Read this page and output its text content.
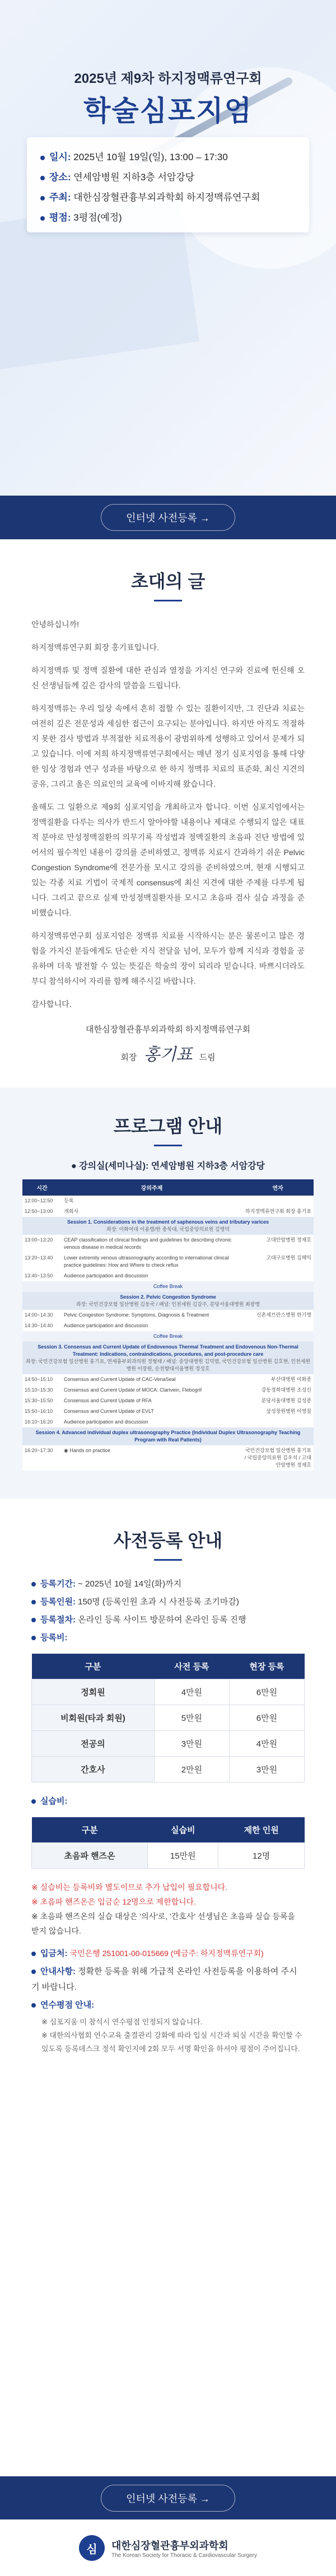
2025년 제9차 하지정맥류연구회
학술심포지엄
일시: 2025년 10월 19일(일), 13:00 – 17:30
장소: 연세암병원 지하3층 서암강당
주최: 대한심장혈관흉부외과학회 하지정맥류연구회
평점: 3평점(예정)
인터넷 사전등록 →
초대의 글

안녕하십니까!

하지정맥류연구회 회장 홍기표입니다.

하지정맥류 및 정맥 질환에 대한 관심과 열정을 가지신 연구와 진료에 헌신해 오신 선생님들께 깊은 감사의 말씀을 드립니다.

하지정맥류는 우리 일상 속에서 흔히 접할 수 있는 질환이지만, 그 진단과 치료는 여전히 깊은 전문성과 세심한 접근이 요구되는 분야입니다. 하지만 아직도 적절하지 못한 검사 방법과 부적절한 치료적용이 광범위하게 성행하고 있어서 문제가 되고 있습니다. 이에 저희 하지정맥류연구회에서는 매년 정기 심포지엄을 통해 다양한 임상 경험과 연구 성과를 바탕으로 한 하지 정맥류 치료의 표준화, 최신 지견의 공유, 그리고 올은 의료인의 교육에 이바지해 왔습니다.

올해도 그 일환으로 제9회 심포지엄을 개최하고자 합니다. 이번 심포지엄에서는 정맥질환을 다루는 의사가 반드시 알아야할 내용이나 제대로 수행되지 않은 대표적 분야로 만성정맥질환의 의무기록 작성법과 정맥질환의 초음파 진단 방법에 있어서의 필수적인 내용이 강의를 준비하였고, 정맥류 치료시 간과하기 쉬운 Pelvic Congestion Syndrome에 전문가를 모시고 강의를 준비하였으며, 현재 시행되고 있는 각종 치료 기법이 국제적 consensus에 최신 지견에 대한 주제를 다루게 됩니다. 그리고 끝으로 실제 만성정맥질환자를 모시고 초음파 검사 실습 과정을 준비했습니다.

하지정맥류연구회 심포지엄은 정맥류 치료를 시작하시는 분은 물론이고 많은 경험을 가지신 분들에게도 단순한 지식 전달을 넘어, 모두가 함께 지식과 경험을 공유하며 더욱 발전할 수 있는 뜻깊은 학술의 장이 되리라 믿습니다. 바쁘시더라도 부디 참석하시어 자리를 함께 해주시길 바랍니다.

감사합니다.

대한심장혈관흉부외과학회 하지정맥류연구회
회장 홍기표 드림
프로그램 안내
● 강의실(세미나실): 연세암병원 지하3층 서암강당
시간	강의주제	연자
12:00~12:50	등록	
12:50~13:00	개회사	하지정맥류연구회 회장 홍기표

Session 1. Considerations in the treatment of saphenous veins and tributary varices
좌장: 이화여대 이용렬/한 충북대, 국립중앙의료원 김영덕		

13:00~13:20	CEAP classification of clinical findings and guidelines for describing chronic venous disease in medical records	고대안암병원 정재호
13:20~13:40	Lower extremity venous ultrasonography according to international clinical practice guidelines: How and Where to check reflux	고대구로병원 김해익
13:40~13:50	Audience participation and discussion	
Coffee Break		

Session 2. Pelvic Congestion Syndrome
좌장: 국민건강보험 일산병원 김동국 / 패널: 인천세원 김갑주, 분당서울대병원 최광명		

14:00~14:30	Pelvic Congestion Syndrome: Symptoms, Diagnosis & Treatment	신촌세브란스병원 한기명
14:30~14:40	Audience participation and discussion	
Coffee Break		

Session 3. Consensus and Current Update of Endovenous Thermal Treatment and Endovenous Non-Thermal Treatment: Indications, contraindications, procedures, and post-procedure care
좌장: 국민건강보험 일산병원 홍기표, 연세흉부외과의원 정형태 / 패널: 중앙대병원 김덕범, 국민건강보험 일산병원 김호현, 인천세원병원 이장원, 순천향대서울병원 정성호		

14:50~15:10	Consensus and Current Update of CAC-VenaSeal	부산대병원 이화종
15:10~15:30	Consensus and Current Update of MOCA: Clarivein, Flebogrif	강동경희대병원 조성신
15:30~15:50	Consensus and Current Update of RFA	분당서울대병원 김성종
15:50~16:10	Consensus and Current Update of EVLT	삼성창원병원 이영칠
16:10~16:20	Audience participation and discussion	

Session 4. Advanced individual duplex ultrasonography Practice (Individual Duplex Ultrasonography Teaching Program with Real Patients)		

16:20~17:30	◉ Hands on practice	국민건강보험 일산병원 홍기표 / 국립중앙의료원 김우석 / 고대안암병원 정재호
사전등록 안내
등록기간: ~ 2025년 10월 14일(화)까지
등록인원: 150명 (등록인원 초과 시 사전등록 조기마감)
등록절차: 온라인 등록 사이트 방문하여 온라인 등록 진행
등록비:
구분	사전 등록	현장 등록
정회원	4만원	6만원
비회원(타과 회원)	5만원	6만원
전공의	3만원	4만원
간호사	2만원	3만원
실습비:
구분	실습비	제한 인원
초음파 핸즈온	15만원	12명
※ 실습비는 등록비와 별도이므로 추가 납입이 필요합니다.
※ 초음파 핸즈온은 입금순 12명으로 제한합니다.
※ 초음파 핸즈온의 실습 대상은 '의사'로, '간호사' 선생님은 초음파 실습 등록을 받지 않습니다.
입금처: 국민은행 251001-00-015669 (예금주: 하지정맥류연구회)
안내사항: 정확한 등록을 위해 가급적 온라인 사전등록을 이용하여 주시기 바랍니다.
연수평점 안내:
※ 심포지움 미 참석시 연수평점 인정되지 않습니다.
※ 대한의사협회 연수교육 출결관리 강화에 따라 입실 시간과 퇴실 시간을 확인할 수 있도록 등록데스크 정석 확인지에 2회 모두 서명 확인을 하셔야 평점이 주어집니다.
인터넷 사전등록 →
심	대한심장혈관흉부외과학회
The Korean Society for Thoracic & Cardiovascular Surgery
